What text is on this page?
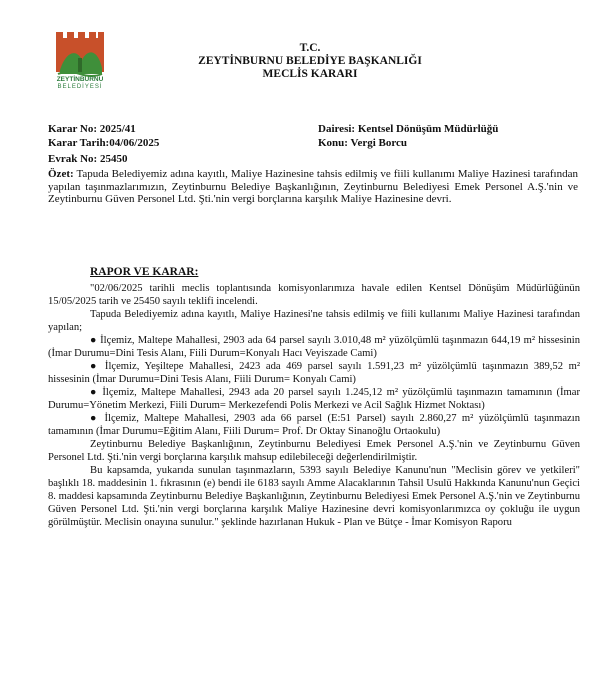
ZEYTİNBURNU
BELEDİYESİ
T.C.
ZEYTİNBURNU BELEDİYE BAŞKANLIĞI
MECLİS KARARI
Karar No: 2025/41
Karar Tarih:04/06/2025
Evrak No: 25450
Dairesi: Kentsel Dönüşüm Müdürlüğü
Konu: Vergi Borcu
Özet: Tapuda Belediyemiz adına kayıtlı, Maliye Hazinesine tahsis edilmiş ve fiili kullanımı Maliye Hazinesi tarafından yapılan taşınmazlarımızın, Zeytinburnu Belediye Başkanlığının, Zeytinburnu Belediyesi Emek Personel A.Ş.'nin ve Zeytinburnu Güven Personel Ltd. Şti.'nin vergi borçlarına karşılık Maliye Hazinesine devri.
RAPOR VE KARAR:

"02/06/2025 tarihli meclis toplantısında komisyonlarımıza havale edilen Kentsel Dönüşüm Müdürlüğünün 15/05/2025 tarih ve 25450 sayılı teklifi incelendi.

Tapuda Belediyemiz adına kayıtlı, Maliye Hazinesi'ne tahsis edilmiş ve fiili kullanımı Maliye Hazinesi tarafından yapılan;

● İlçemiz, Maltepe Mahallesi, 2903 ada 64 parsel sayılı 3.010,48 m² yüzölçümlü taşınmazın 644,19 m² hissesinin (İmar Durumu=Dini Tesis Alanı, Fiili Durum=Konyalı Hacı Veyiszade Cami)

● İlçemiz, Yeşiltepe Mahallesi, 2423 ada 469 parsel sayılı 1.591,23 m² yüzölçümlü taşınmazın 389,52 m² hissesinin (İmar Durumu=Dini Tesis Alanı, Fiili Durum= Konyalı Cami)

● İlçemiz, Maltepe Mahallesi, 2943 ada 20 parsel sayılı 1.245,12 m² yüzölçümlü taşınmazın tamamının (İmar Durumu=Yönetim Merkezi, Fiili Durum= Merkezefendi Polis Merkezi ve Acil Sağlık Hizmet Noktası)

● İlçemiz, Maltepe Mahallesi, 2903 ada 66 parsel (E:51 Parsel) sayılı 2.860,27 m² yüzölçümlü taşınmazın tamamının (İmar Durumu=Eğitim Alanı, Fiili Durum= Prof. Dr Oktay Sinanoğlu Ortaokulu)

Zeytinburnu Belediye Başkanlığının, Zeytinburnu Belediyesi Emek Personel A.Ş.'nin ve Zeytinburnu Güven Personel Ltd. Şti.'nin vergi borçlarına karşılık mahsup edilebileceği değerlendirilmiştir.

Bu kapsamda, yukarıda sunulan taşınmazların, 5393 sayılı Belediye Kanunu'nun "Meclisin görev ve yetkileri" başlıklı 18. maddesinin 1. fıkrasının (e) bendi ile 6183 sayılı Amme Alacaklarının Tahsil Usulü Hakkında Kanunu'nun Geçici 8. maddesi kapsamında Zeytinburnu Belediye Başkanlığının, Zeytinburnu Belediyesi Emek Personel A.Ş.'nin ve Zeytinburnu Güven Personel Ltd. Şti.'nin vergi borçlarına karşılık Maliye Hazinesine devri komisyonlarımızca oy çokluğu ile uygun görülmüştür. Meclisin onayına sunulur." şeklinde hazırlanan Hukuk - Plan ve Bütçe - İmar Komisyon Raporu
